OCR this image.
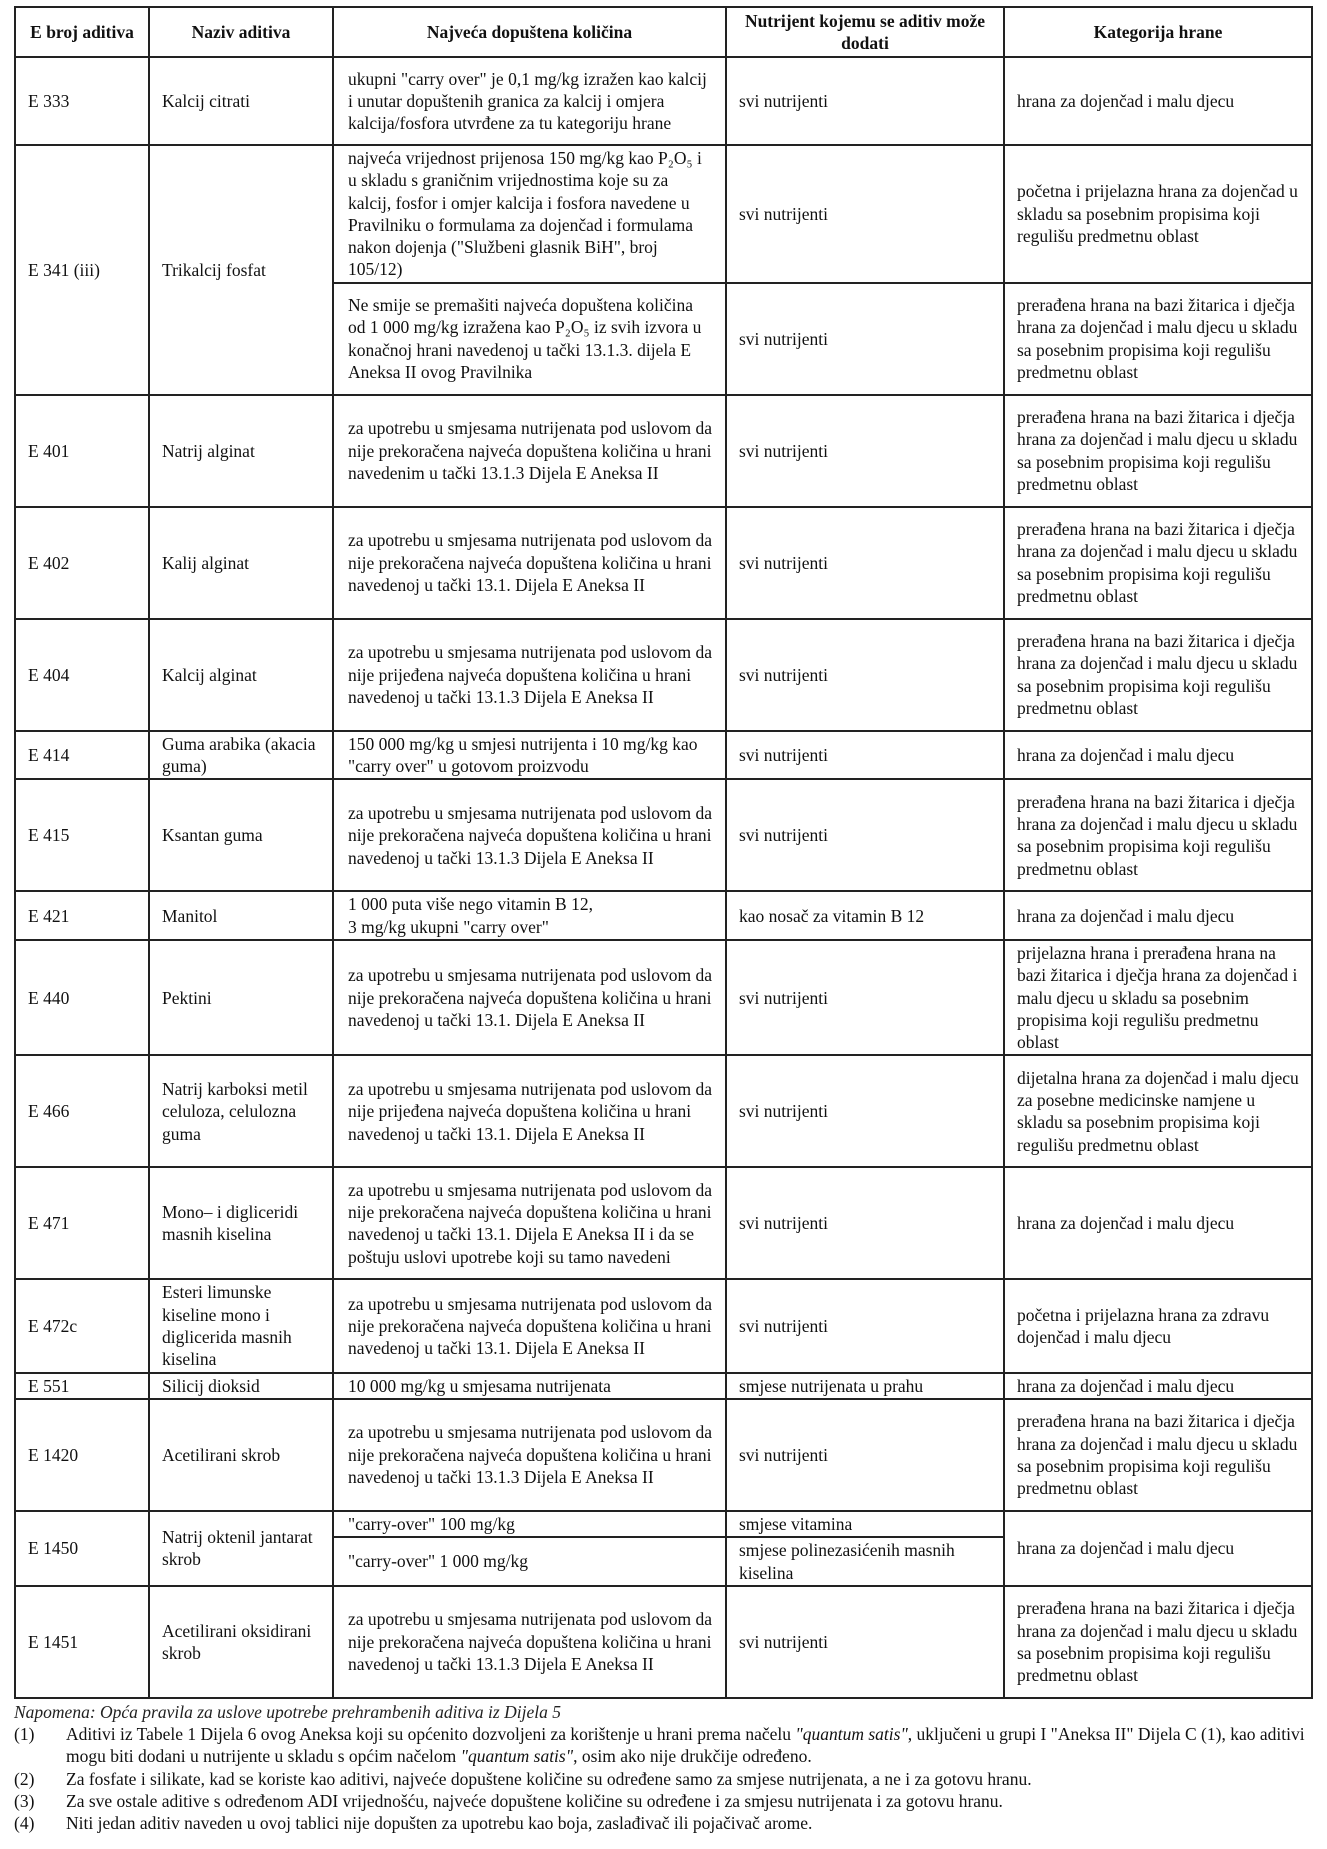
E broj aditiva	Naziv aditiva	Najveća dopuštena količina	Nutrijent kojemu se aditiv može dodati	Kategorija hrane
E 333	Kalcij citrati	ukupni "carry over" je 0,1 mg/kg izražen kao kalcij i unutar dopuštenih granica za kalcij i omjera kalcija/fosfora utvrđene za tu kategoriju hrane	svi nutrijenti	hrana za dojenčad i malu djecu
E 341 (iii)	Trikalcij fosfat	najveća vrijednost prijenosa 150 mg/kg kao P₂O₅ i u skladu s graničnim vrijednostima koje su za kalcij, fosfor i omjer kalcija i fosfora navedene u Pravilniku o formulama za dojenčad i formulama nakon dojenja ("Službeni glasnik BiH", broj 105/12)	svi nutrijenti	početna i prijelazna hrana za dojenčad u skladu sa posebnim propisima koji regulišu predmetnu oblast
		Ne smije se premašiti najveća dopuštena količina od 1 000 mg/kg izražena kao P₂O₅ iz svih izvora u konačnoj hrani navedenoj u tački 13.1.3. dijela E Aneksa II ovog Pravilnika	svi nutrijenti	prerađena hrana na bazi žitarica i dječja hrana za dojenčad i malu djecu u skladu sa posebnim propisima koji regulišu predmetnu oblast
E 401	Natrij alginat	za upotrebu u smjesama nutrijenata pod uslovom da nije prekoračena najveća dopuštena količina u hrani navedenim u tački 13.1.3 Dijela E Aneksa II	svi nutrijenti	prerađena hrana na bazi žitarica i dječja hrana za dojenčad i malu djecu u skladu sa posebnim propisima koji regulišu predmetnu oblast
E 402	Kalij alginat	za upotrebu u smjesama nutrijenata pod uslovom da nije prekoračena najveća dopuštena količina u hrani navedenoj u tački 13.1. Dijela E Aneksa II	svi nutrijenti	prerađena hrana na bazi žitarica i dječja hrana za dojenčad i malu djecu u skladu sa posebnim propisima koji regulišu predmetnu oblast
E 404	Kalcij alginat	za upotrebu u smjesama nutrijenata pod uslovom da nije prijeđena najveća dopuštena količina u hrani navedenoj u tački 13.1.3 Dijela E Aneksa II	svi nutrijenti	prerađena hrana na bazi žitarica i dječja hrana za dojenčad i malu djecu u skladu sa posebnim propisima koji regulišu predmetnu oblast
E 414	Guma arabika (akacia guma)	150 000 mg/kg u smjesi nutrijenta i 10 mg/kg kao "carry over" u gotovom proizvodu	svi nutrijenti	hrana za dojenčad i malu djecu
E 415	Ksantan guma	za upotrebu u smjesama nutrijenata pod uslovom da nije prekoračena najveća dopuštena količina u hrani navedenoj u tački 13.1.3 Dijela E Aneksa II	svi nutrijenti	prerađena hrana na bazi žitarica i dječja hrana za dojenčad i malu djecu u skladu sa posebnim propisima koji regulišu predmetnu oblast
E 421	Manitol	1 000 puta više nego vitamin B 12,
3 mg/kg ukupni "carry over"	kao nosač za vitamin B 12	hrana za dojenčad i malu djecu
E 440	Pektini	za upotrebu u smjesama nutrijenata pod uslovom da nije prekoračena najveća dopuštena količina u hrani navedenoj u tački 13.1. Dijela E Aneksa II	svi nutrijenti	prijelazna hrana i prerađena hrana na bazi žitarica i dječja hrana za dojenčad i malu djecu u skladu sa posebnim propisima koji regulišu predmetnu oblast
E 466	Natrij karboksi metil celuloza, celulozna guma	za upotrebu u smjesama nutrijenata pod uslovom da nije prijeđena najveća dopuštena količina u hrani navedenoj u tački 13.1. Dijela E Aneksa II	svi nutrijenti	dijetalna hrana za dojenčad i malu djecu za posebne medicinske namjene u skladu sa posebnim propisima koji regulišu predmetnu oblast
E 471	Mono– i digliceridi masnih kiselina	za upotrebu u smjesama nutrijenata pod uslovom da nije prekoračena najveća dopuštena količina u hrani navedenoj u tački 13.1. Dijela E Aneksa II i da se poštuju uslovi upotrebe koji su tamo navedeni	svi nutrijenti	hrana za dojenčad i malu djecu
E 472c	Esteri limunske kiseline mono i diglicerida masnih kiselina	za upotrebu u smjesama nutrijenata pod uslovom da nije prekoračena najveća dopuštena količina u hrani navedenoj u tački 13.1. Dijela E Aneksa II	svi nutrijenti	početna i prijelazna hrana za zdravu dojenčad i malu djecu
E 551	Silicij dioksid	10 000 mg/kg u smjesama nutrijenata	smjese nutrijenata u prahu	hrana za dojenčad i malu djecu
E 1420	Acetilirani skrob	za upotrebu u smjesama nutrijenata pod uslovom da nije prekoračena najveća dopuštena količina u hrani navedenoj u tački 13.1.3 Dijela E Aneksa II	svi nutrijenti	prerađena hrana na bazi žitarica i dječja hrana za dojenčad i malu djecu u skladu sa posebnim propisima koji regulišu predmetnu oblast
E 1450	Natrij oktenil jantarat skrob	"carry-over" 100 mg/kg	smjese vitamina	hrana za dojenčad i malu djecu
		"carry-over" 1 000 mg/kg	smjese polinezasićenih masnih kiselina	
E 1451	Acetilirani oksidirani skrob	za upotrebu u smjesama nutrijenata pod uslovom da nije prekoračena najveća dopuštena količina u hrani navedenoj u tački 13.1.3 Dijela E Aneksa II	svi nutrijenti	prerađena hrana na bazi žitarica i dječja hrana za dojenčad i malu djecu u skladu sa posebnim propisima koji regulišu predmetnu oblast
Napomena: Opća pravila za uslove upotrebe prehrambenih aditiva iz Dijela 5
(1)	Aditivi iz Tabele 1 Dijela 6 ovog Aneksa koji su općenito dozvoljeni za korištenje u hrani prema načelu "quantum satis", uključeni u grupi I "Aneksa II" Dijela C (1), kao aditivi mogu biti dodani u nutrijente u skladu s općim načelom "quantum satis", osim ako nije drukčije određeno.
(2)	Za fosfate i silikate, kad se koriste kao aditivi, najveće dopuštene količine su određene samo za smjese nutrijenata, a ne i za gotovu hranu.
(3)	Za sve ostale aditive s određenom ADI vrijednošću, najveće dopuštene količine su određene i za smjesu nutrijenata i za gotovu hranu.
(4)	Niti jedan aditiv naveden u ovoj tablici nije dopušten za upotrebu kao boja, zaslađivač ili pojačivač arome.
